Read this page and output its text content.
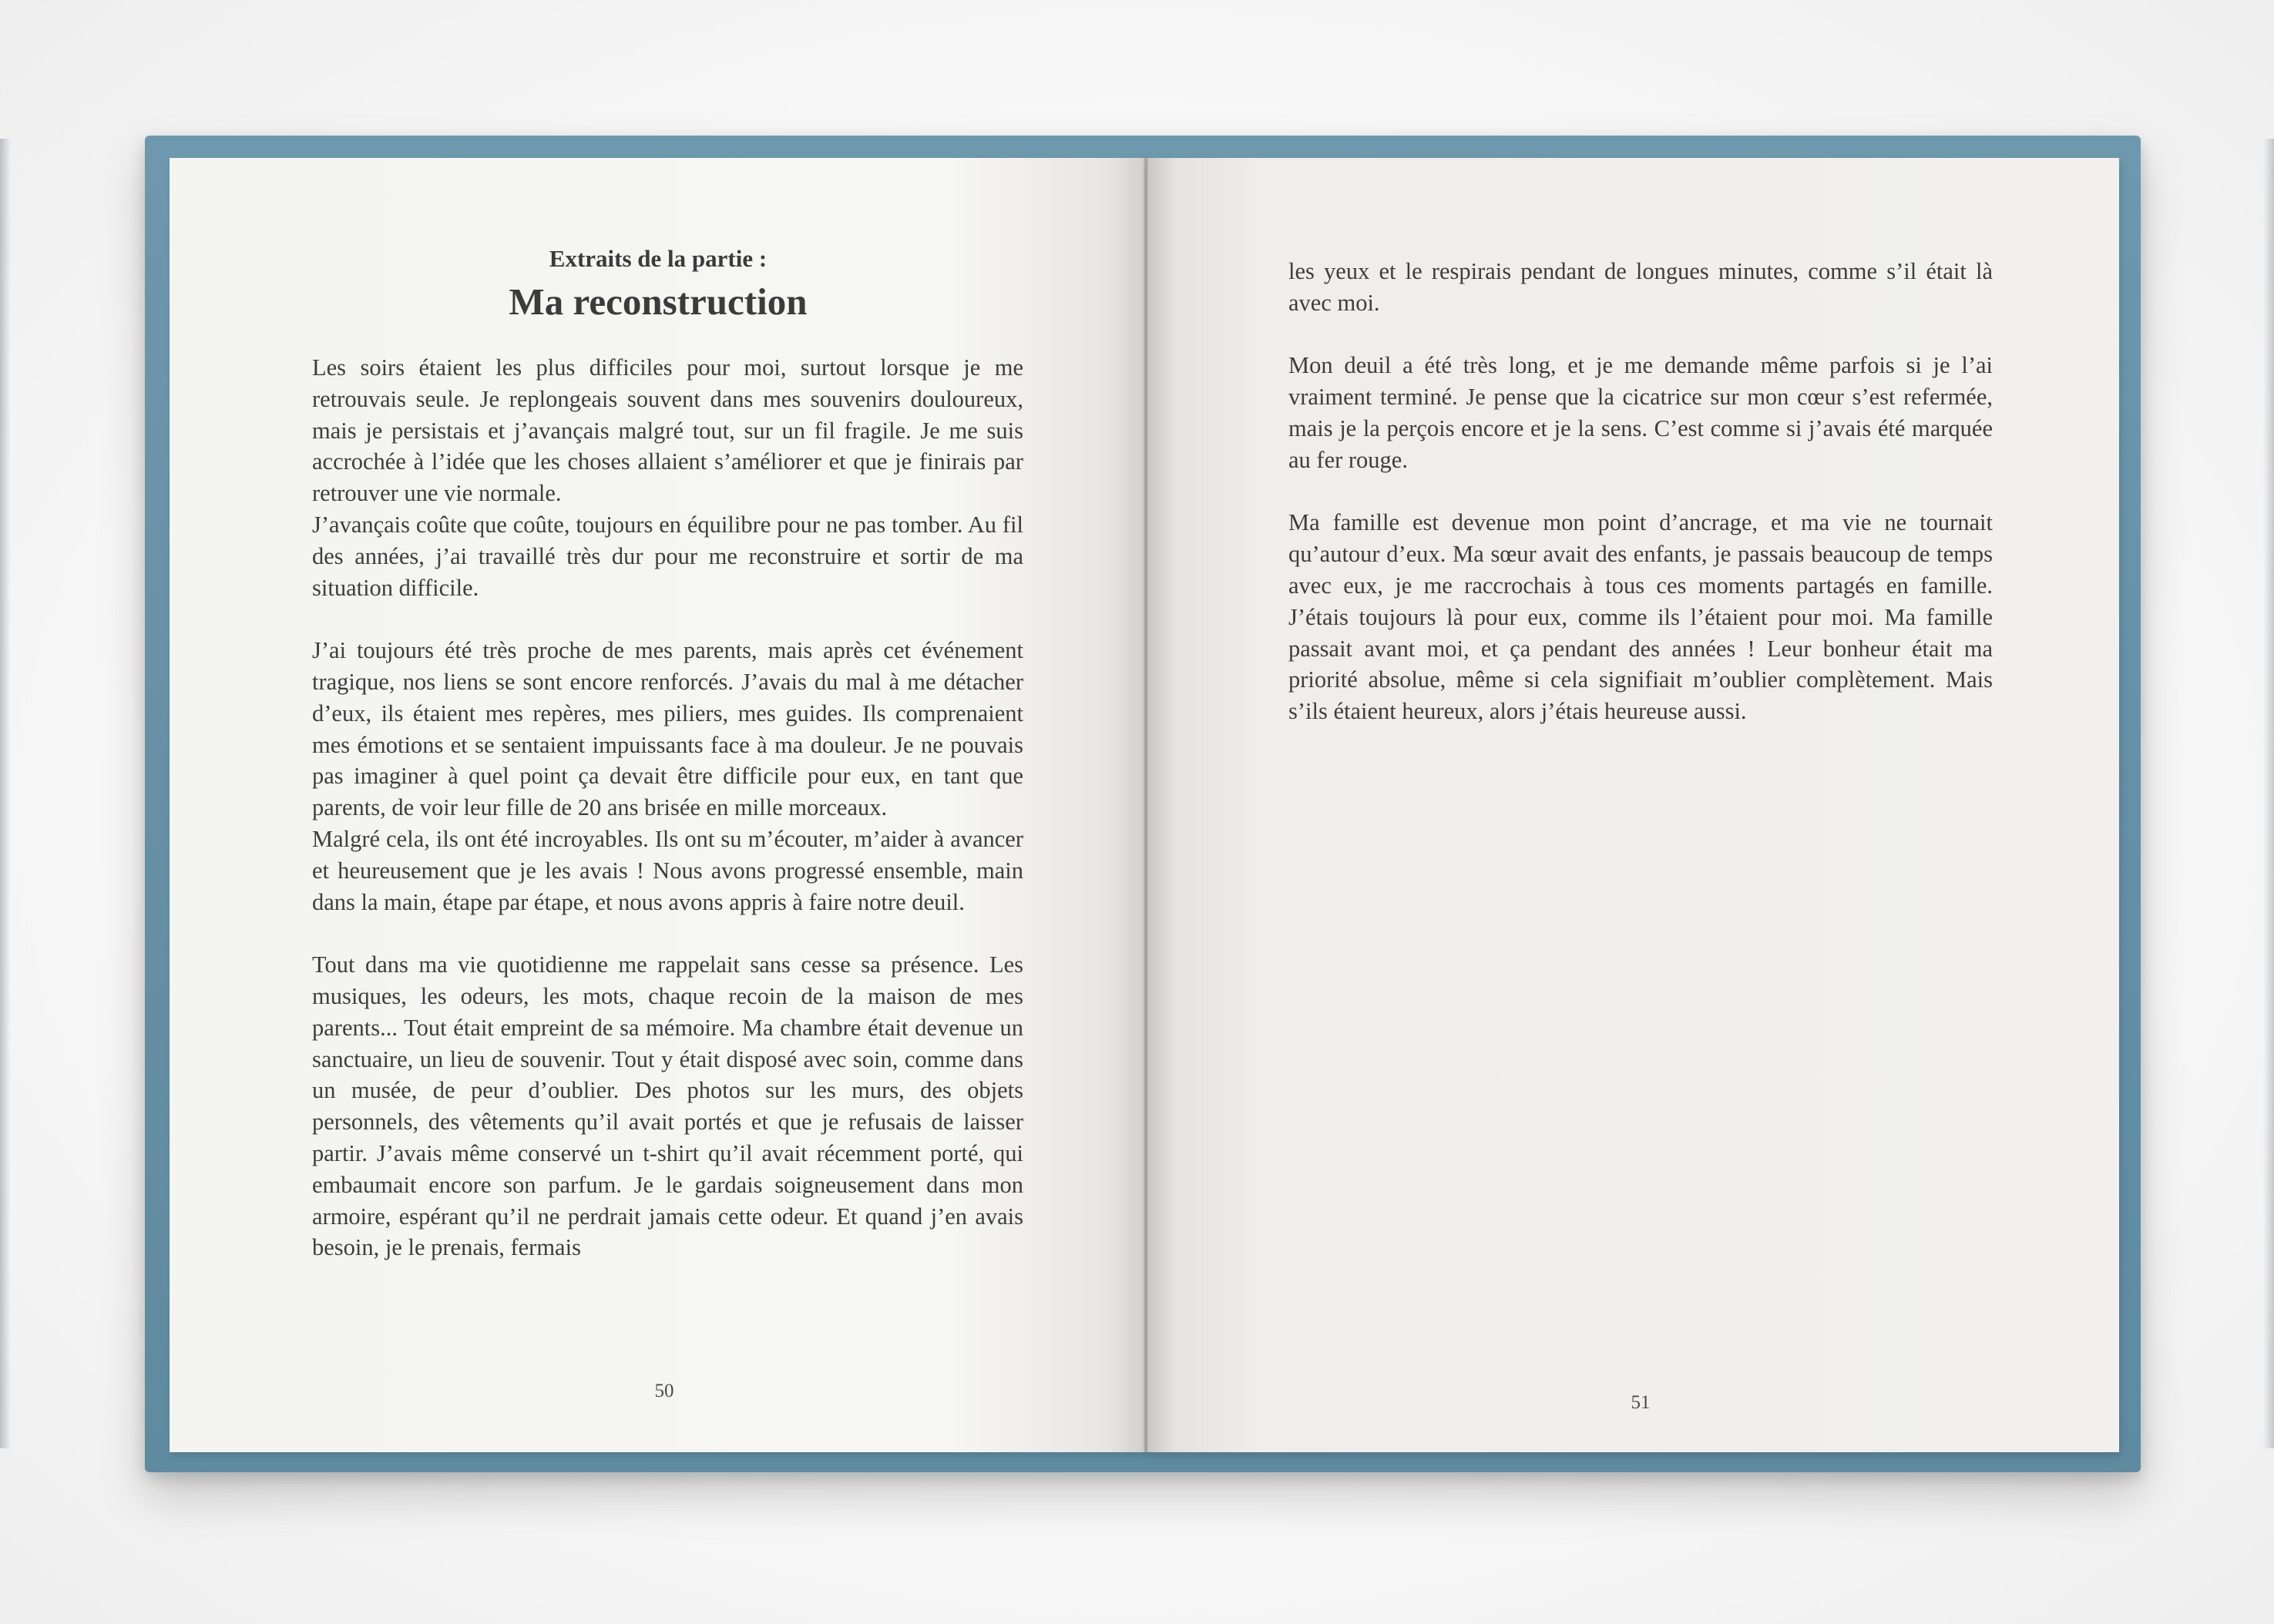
Extraits de la partie :
Ma reconstruction

Les soirs étaient les plus difficiles pour moi, surtout lorsque je me retrouvais seule. Je replongeais souvent dans mes souvenirs douloureux, mais je persistais et j’avançais malgré tout, sur un fil fragile. Je me suis accrochée à l’idée que les choses allaient s’améliorer et que je finirais par retrouver une vie normale.

J’avançais coûte que coûte, toujours en équilibre pour ne pas tomber. Au fil des années, j’ai travaillé très dur pour me reconstruire et sortir de ma situation difficile.

J’ai toujours été très proche de mes parents, mais après cet événement tragique, nos liens se sont encore renforcés. J’avais du mal à me détacher d’eux, ils étaient mes repères, mes piliers, mes guides. Ils comprenaient mes émotions et se sentaient impuissants face à ma douleur. Je ne pouvais pas imaginer à quel point ça devait être difficile pour eux, en tant que parents, de voir leur fille de 20 ans brisée en mille morceaux.

Malgré cela, ils ont été incroyables. Ils ont su m’écouter, m’aider à avancer et heureusement que je les avais ! Nous avons progressé ensemble, main dans la main, étape par étape, et nous avons appris à faire notre deuil.

Tout dans ma vie quotidienne me rappelait sans cesse sa présence. Les musiques, les odeurs, les mots, chaque recoin de la maison de mes parents... Tout était empreint de sa mémoire. Ma chambre était devenue un sanctuaire, un lieu de souvenir. Tout y était disposé avec soin, comme dans un musée, de peur d’oublier. Des photos sur les murs, des objets personnels, des vêtements qu’il avait portés et que je refusais de laisser partir. J’avais même conservé un t-shirt qu’il avait récemment porté, qui embaumait encore son parfum. Je le gardais soigneusement dans mon armoire, espérant qu’il ne perdrait jamais cette odeur. Et quand j’en avais besoin, je le prenais, fermais

50

les yeux et le respirais pendant de longues minutes, comme s’il était là avec moi.

Mon deuil a été très long, et je me demande même parfois si je l’ai vraiment terminé. Je pense que la cicatrice sur mon cœur s’est refermée, mais je la perçois encore et je la sens. C’est comme si j’avais été marquée au fer rouge.

Ma famille est devenue mon point d’ancrage, et ma vie ne tournait qu’autour d’eux. Ma sœur avait des enfants, je passais beaucoup de temps avec eux, je me raccrochais à tous ces moments partagés en famille. J’étais toujours là pour eux, comme ils l’étaient pour moi. Ma famille passait avant moi, et ça pendant des années ! Leur bonheur était ma priorité absolue, même si cela signifiait m’oublier complètement. Mais s’ils étaient heureux, alors j’étais heureuse aussi.

51
